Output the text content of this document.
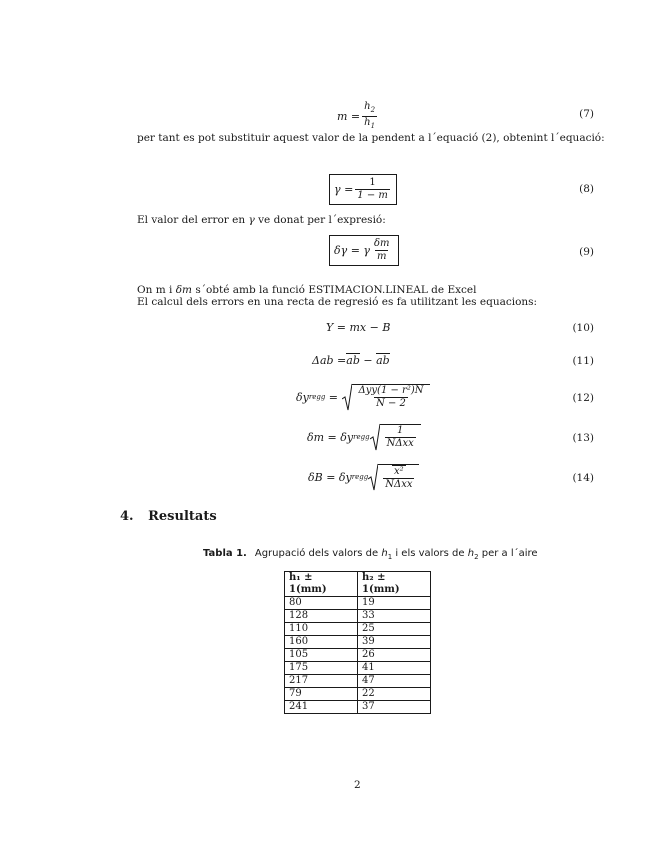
$m = \frac{h_2}{h_1}$	(7)
per tant es pot substituir aquest valor de la pendent a l´equació (2), obtenint l´equació:
$\gamma = \frac{1}{1 - m}$	(8)
El valor del error en γ ve donat per l´expresió:
δγ = γ $\frac{\delta m}{m}$	(9)
On m i δm s´obté amb la funció ESTIMACION.LINEAL de Excel
El calcul dels errors en una recta de regresió es fa utilitzant les equacions:
Y = mx − B	(10)
Δab = ab − a b	(11)
δy regg = $\frac{\text{Δyy(1 − r²)N}}{N - 2}$	(12)
δm = δy regg $\frac{1}{\text{NΔxx}}$	(13)
δB = δy regg $\frac{\text{x²}}{\text{NΔxx}}$	(14)
4. Resultats
Tabla 1. Agrupació dels valors de $h_1$ i els valors de $h_2$ per a l´aire
h₁ ± 1(mm)	h₂ ± 1(mm)
80	19
128	33
110	25
160	39
105	26
175	41
217	47
79	22
241	37
2
